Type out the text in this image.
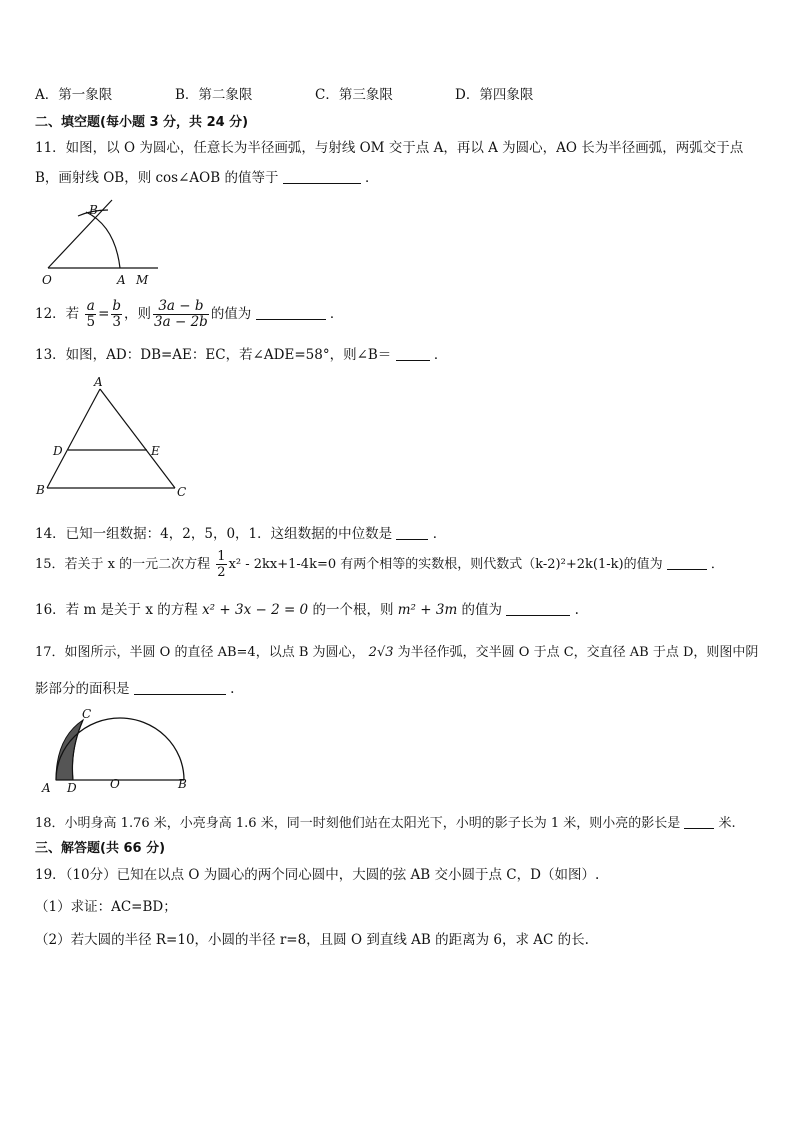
A．第一象限	B．第二象限	C．第三象限	D．第四象限
二、填空题(每小题 3 分，共 24 分)
11．如图，以 O 为圆心，任意长为半径画弧，与射线 OM 交于点 A，再以 A 为圆心，AO 长为半径画弧，两弧交于点
B，画射线 OB，则 cos∠AOB 的值等于	．
O	A M
B
12．若 $\frac{a}{5} = \frac{b}{3}$ ，则 $\frac{3a - b}{3a - 2b}$ 的值为	．
13．如图，AD：DB=AE：EC，若∠ADE=58°，则∠B＝	．
A
D	E
B	C
14．已知一组数据：4，2，5，0，1．这组数据的中位数是	．
15．若关于 x 的一元二次方程 $\frac{1}{2} x^2 - 2kx+1-4k=0$ 有两个相等的实数根，则代数式（k-2)²+2k(1-k)的值为	．
16．若 m 是关于 x 的方程 x² + 3x − 2 = 0 的一个根，则 m² + 3m 的值为	.
17．如图所示，半圆 O 的直径 AB=4，以点 B 为圆心， 2√3 为半径作弧，交半圆 O 于点 C，交直径 AB 于点 D，则图中阴
影部分的面积是	.
C
A D	O	B
18．小明身高 1.76 米，小亮身高 1.6 米，同一时刻他们站在太阳光下，小明的影子长为 1 米，则小亮的影长是	米.
三、解答题(共 66 分)
19．（10分）已知在以点 O 为圆心的两个同心圆中，大圆的弦 AB 交小圆于点 C，D（如图）.
（1）求证：AC=BD；
（2）若大圆的半径 R=10，小圆的半径 r=8，且圆 O 到直线 AB 的距离为 6，求 AC 的长.
